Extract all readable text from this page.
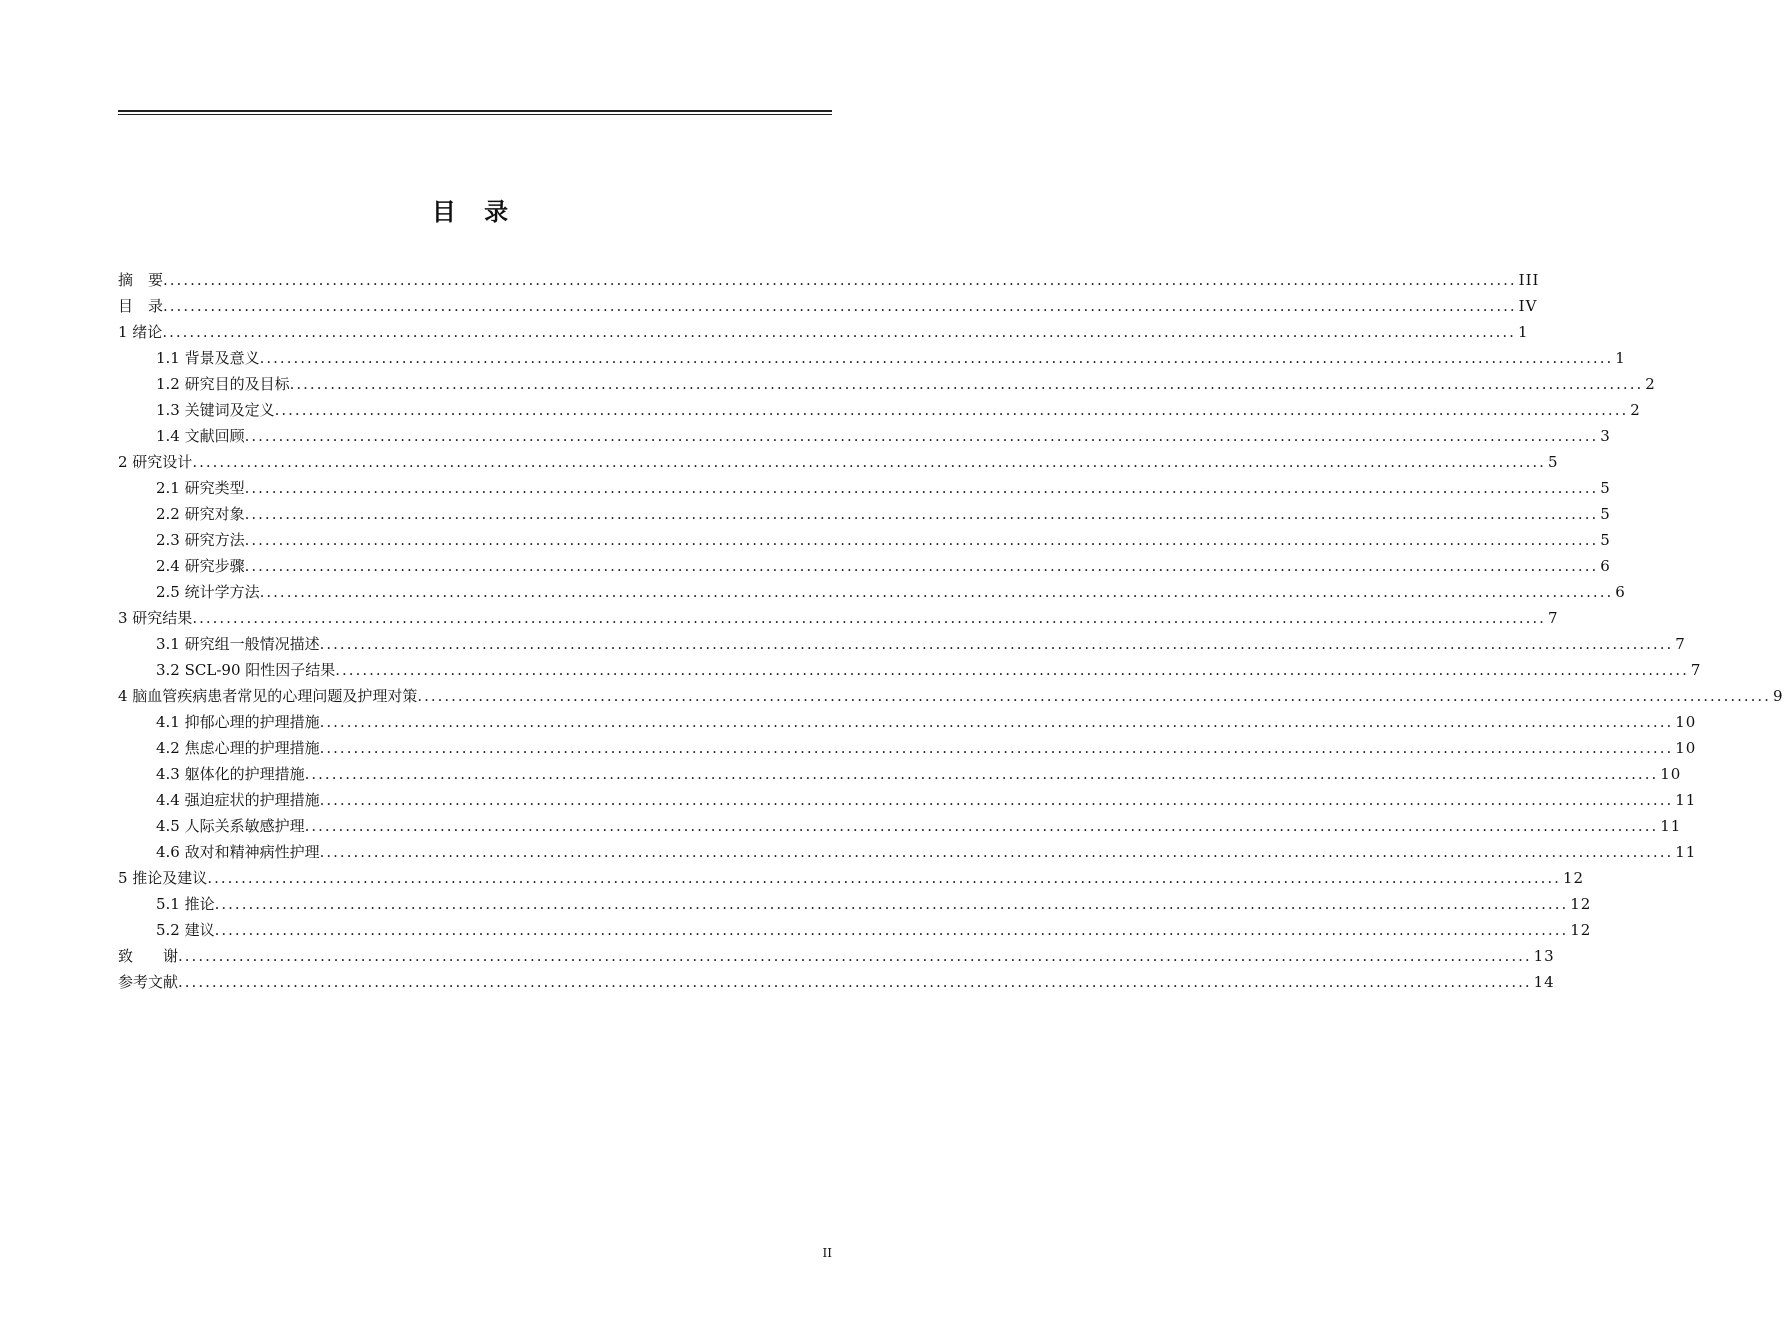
目 录
摘　要 ........................................................................................................................................................................................................ III
目　录 ........................................................................................................................................................................................................ IV
1 绪论 ........................................................................................................................................................................................................ 1
1.1 背景及意义 ........................................................................................................................................................................................................ 1
1.2 研究目的及目标 ........................................................................................................................................................................................................ 2
1.3 关键词及定义 ........................................................................................................................................................................................................ 2
1.4 文献回顾 ........................................................................................................................................................................................................ 3
2 研究设计 ........................................................................................................................................................................................................ 5
2.1 研究类型 ........................................................................................................................................................................................................ 5
2.2 研究对象 ........................................................................................................................................................................................................ 5
2.3 研究方法 ........................................................................................................................................................................................................ 5
2.4 研究步骤 ........................................................................................................................................................................................................ 6
2.5 统计学方法 ........................................................................................................................................................................................................ 6
3 研究结果 ........................................................................................................................................................................................................ 7
3.1 研究组一般情况描述 ........................................................................................................................................................................................................ 7
3.2 SCL-90 阳性因子结果 ........................................................................................................................................................................................................ 7
4 脑血管疾病患者常见的心理问题及护理对策 ........................................................................................................................................................................................................ 9
4.1 抑郁心理的护理措施 ........................................................................................................................................................................................................ 10
4.2 焦虑心理的护理措施 ........................................................................................................................................................................................................ 10
4.3 躯体化的护理措施 ........................................................................................................................................................................................................ 10
4.4 强迫症状的护理措施 ........................................................................................................................................................................................................ 11
4.5 人际关系敏感护理 ........................................................................................................................................................................................................ 11
4.6 敌对和精神病性护理 ........................................................................................................................................................................................................ 11
5 推论及建议 ........................................................................................................................................................................................................ 12
5.1 推论 ........................................................................................................................................................................................................ 12
5.2 建议 ........................................................................................................................................................................................................ 12
致　　谢 ........................................................................................................................................................................................................ 13
参考文献 ........................................................................................................................................................................................................ 14
II
